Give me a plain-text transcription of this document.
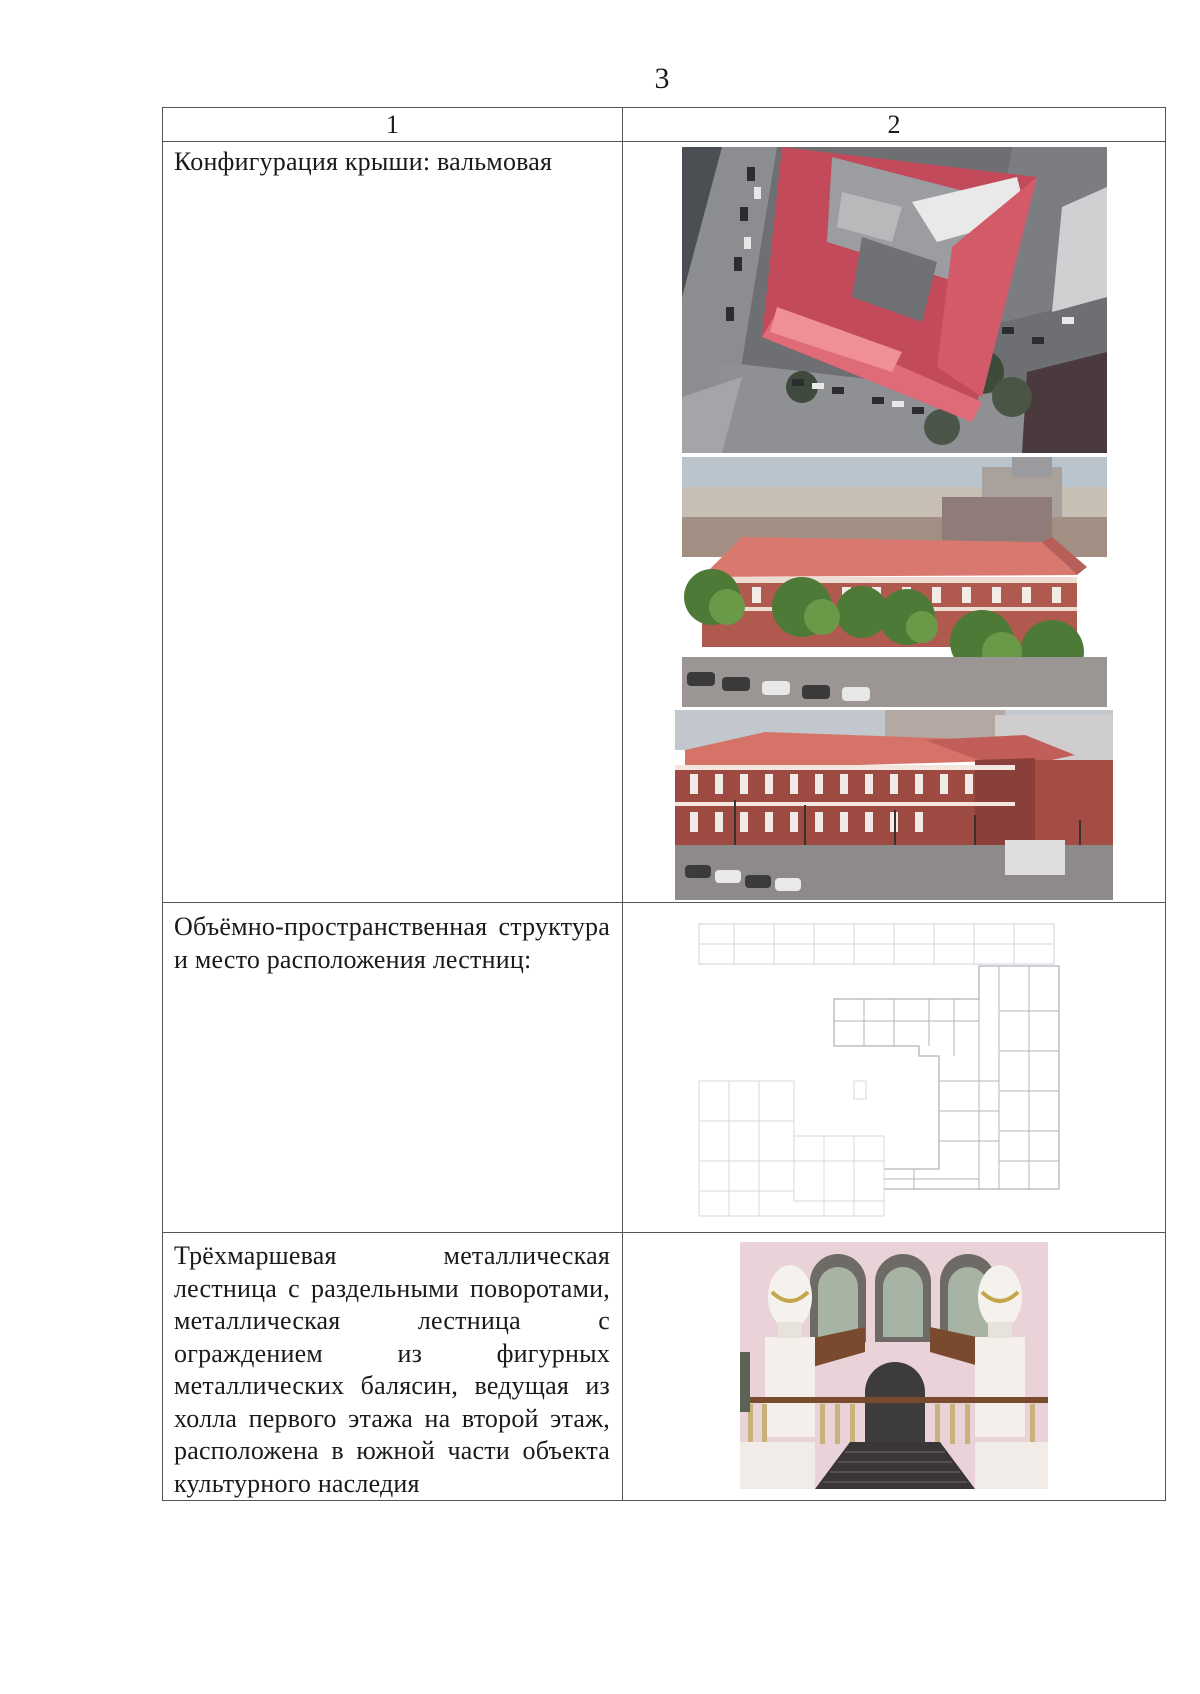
3
1	2

Конфигурация крыши: вальмовая

Объёмно-пространственная структура и место расположения лестниц:

Трёхмаршевая металлическая лестница с раздельными поворотами, металлическая лестница с ограждением из фигурных металлических балясин, ведущая из холла первого этажа на второй этаж, расположена в южной части объекта культурного наследия
